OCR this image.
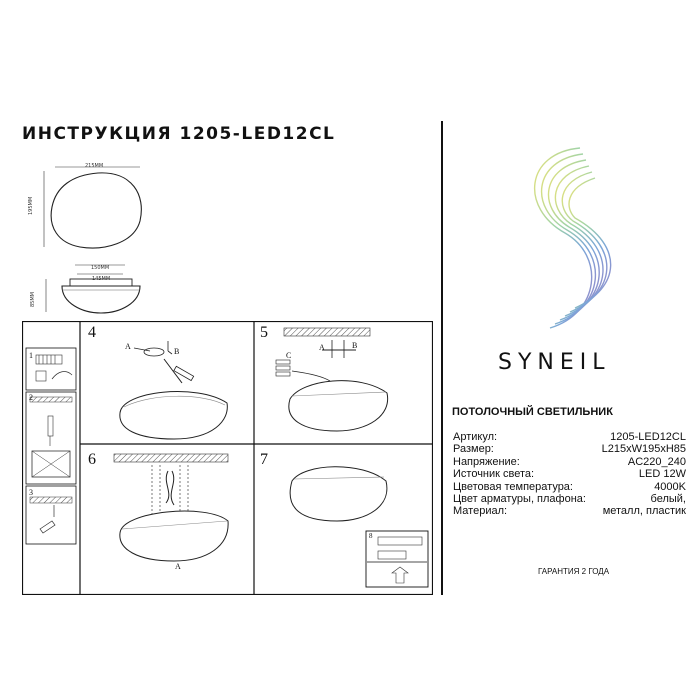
ИНСТРУКЦИЯ 1205-LED12CL
215MM
195MM
150MM
145MM
85MM
1
2
3
4	5
6	7
8
A
B	A	B
C
A
SYNEIL
ПОТОЛОЧНЫЙ СВЕТИЛЬНИК
Артикул:	1205-LED12CL
Размер:	L215xW195xH85
Напряжение:	AC220_240
Источник света:	LED 12W
Цветовая температура:	4000K
Цвет арматуры, плафона:	белый,
Материал:	металл, пластик
ГАРАНТИЯ 2 ГОДА
